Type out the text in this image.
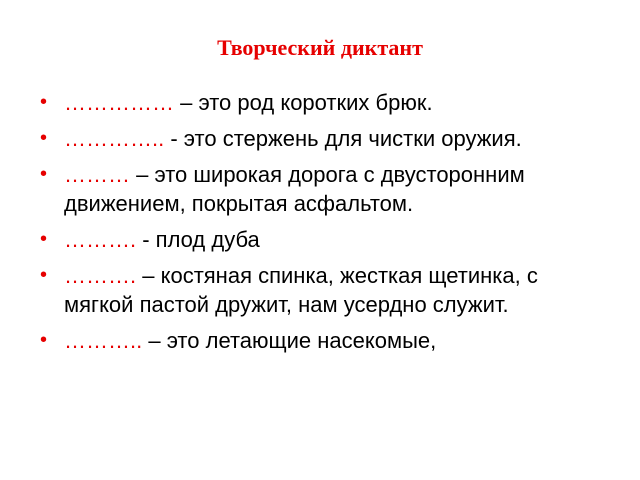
Творческий диктант
• …………… – это род коротких брюк.
• ………….. - это стержень для чистки оружия.
• ……… – это широкая дорога с двусторонним движением, покрытая асфальтом.
• ………. - плод дуба
• ………. – костяная спинка, жесткая щетинка, с мягкой пастой дружит, нам усердно служит.
• ……….. – это летающие насекомые,
